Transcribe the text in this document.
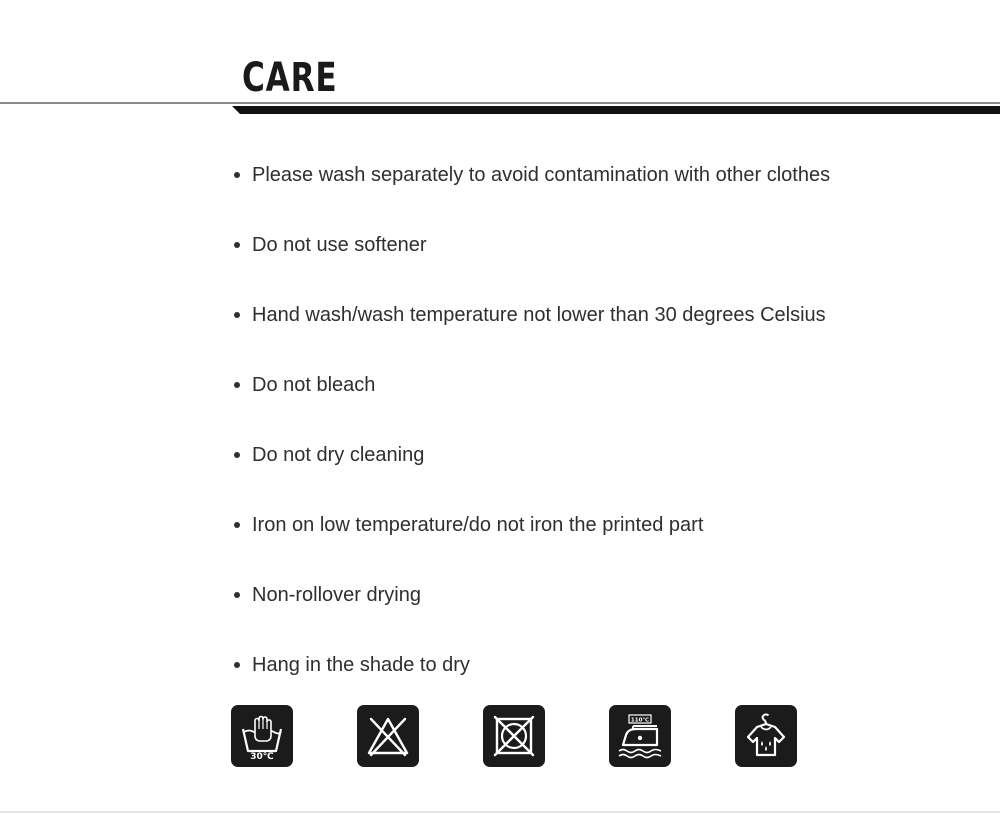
CARE
Please wash separately to avoid contamination with other clothes
Do not use softener
Hand wash/wash temperature not lower than 30 degrees Celsius
Do not bleach
Do not dry cleaning
Iron on low temperature/do not iron the printed part
Non-rollover drying
Hang in the shade to dry
30℃
110℃
